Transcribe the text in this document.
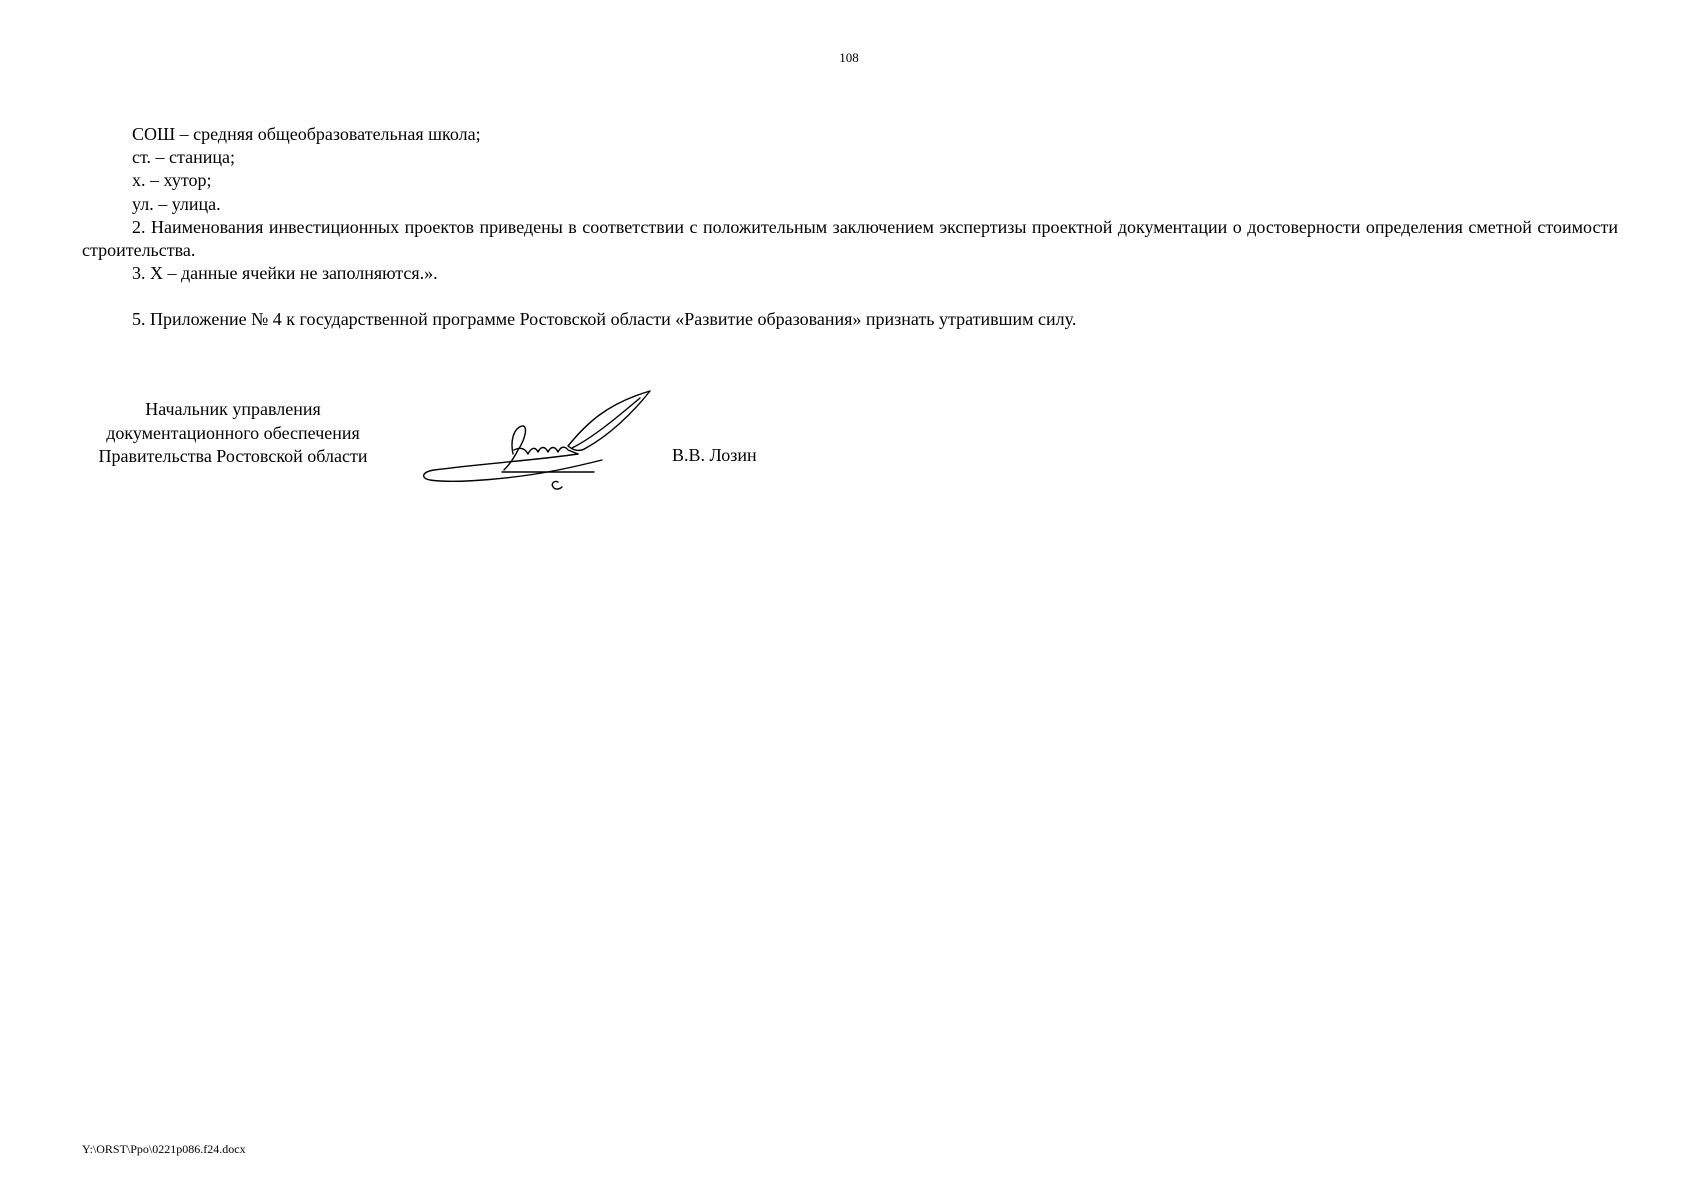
108

СОШ – средняя общеобразовательная школа;

ст. – станица;

х. – хутор;

ул. – улица.

2. Наименования инвестиционных проектов приведены в соответствии с положительным заключением экспертизы проектной документации о достоверности определения сметной стоимости строительства.

3. Х – данные ячейки не заполняются.».

5. Приложение № 4 к государственной программе Ростовской области «Развитие образования» признать утратившим силу.

Начальник управления
документационного обеспечения
Правительства Ростовской области	В.В. Лозин
Y:\ORST\Ppo\0221p086.f24.docx
